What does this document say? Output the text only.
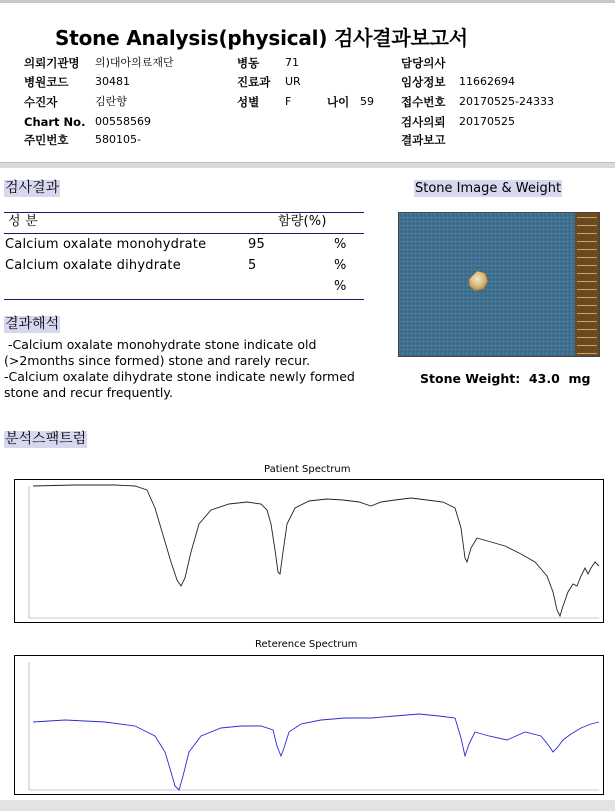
Stone Analysis(physical) 검사결과보고서
의뢰기관명 의)대아의료재단
병원코드 30481
수진자	김란향
Chart No. 00558569
주민번호 580105-
병동 71
진료과 UR
성별 F	나이 59
담당의사
임상정보 11662694
접수번호 20170525-24333
검사의뢰 20170525
결과보고
검사결과
성 분	함량(%)
Calcium oxalate monohydrate	95	%
Calcium oxalate dihydrate	5	%
%
결과해석
-Calcium oxalate monohydrate stone indicate old
(>2months since formed) stone and rarely recur.
-Calcium oxalate dihydrate stone indicate newly formed
stone and recur frequently.
Stone Image & Weight
Stone Weight:  43.0  mg
분석스팩트럼
Patient Spectrum
Reterence Spectrum
